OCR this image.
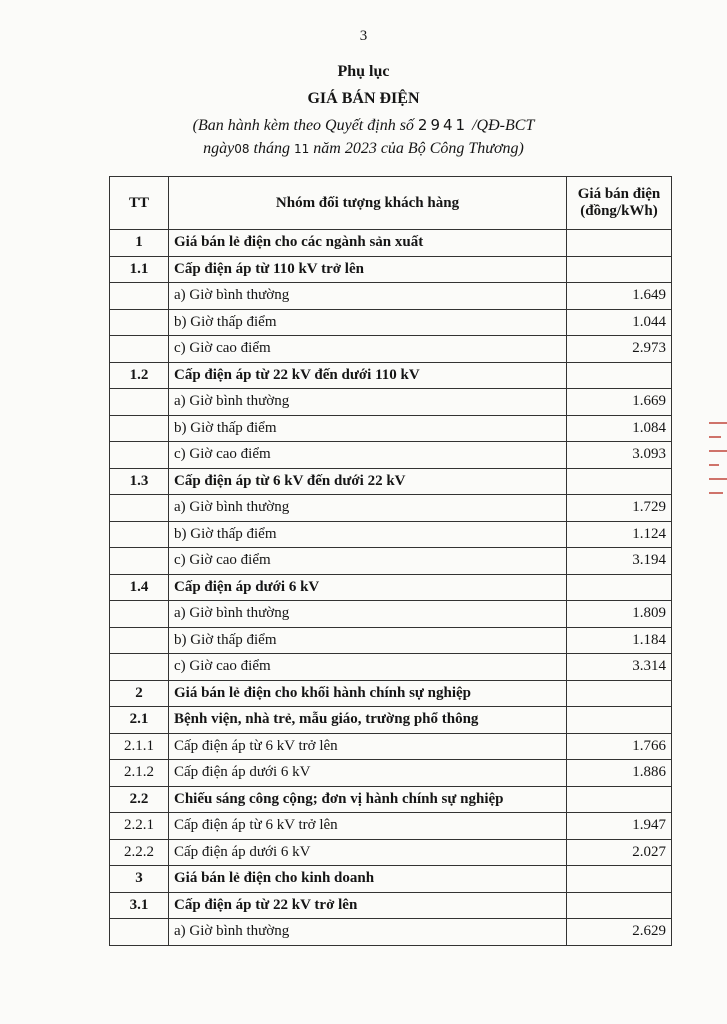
3
Phụ lục
GIÁ BÁN ĐIỆN
(Ban hành kèm theo Quyết định số 2941 /QĐ-BCT
ngày08 tháng 11 năm 2023 của Bộ Công Thương)
TT	Nhóm đối tượng khách hàng	Giá bán điện (đồng/kWh)
1	Giá bán lẻ điện cho các ngành sản xuất	
1.1	Cấp điện áp từ 110 kV trở lên	
	a) Giờ bình thường	1.649
	b) Giờ thấp điểm	1.044
	c) Giờ cao điểm	2.973
1.2	Cấp điện áp từ 22 kV đến dưới 110 kV	
	a) Giờ bình thường	1.669
	b) Giờ thấp điểm	1.084
	c) Giờ cao điểm	3.093
1.3	Cấp điện áp từ 6 kV đến dưới 22 kV	
	a) Giờ bình thường	1.729
	b) Giờ thấp điểm	1.124
	c) Giờ cao điểm	3.194
1.4	Cấp điện áp dưới 6 kV	
	a) Giờ bình thường	1.809
	b) Giờ thấp điểm	1.184
	c) Giờ cao điểm	3.314
2	Giá bán lẻ điện cho khối hành chính sự nghiệp	
2.1	Bệnh viện, nhà trẻ, mẫu giáo, trường phổ thông	
2.1.1	Cấp điện áp từ 6 kV trở lên	1.766
2.1.2	Cấp điện áp dưới 6 kV	1.886
2.2	Chiếu sáng công cộng; đơn vị hành chính sự nghiệp	
2.2.1	Cấp điện áp từ 6 kV trở lên	1.947
2.2.2	Cấp điện áp dưới 6 kV	2.027
3	Giá bán lẻ điện cho kinh doanh	
3.1	Cấp điện áp từ 22 kV trở lên	
	a) Giờ bình thường	2.629
